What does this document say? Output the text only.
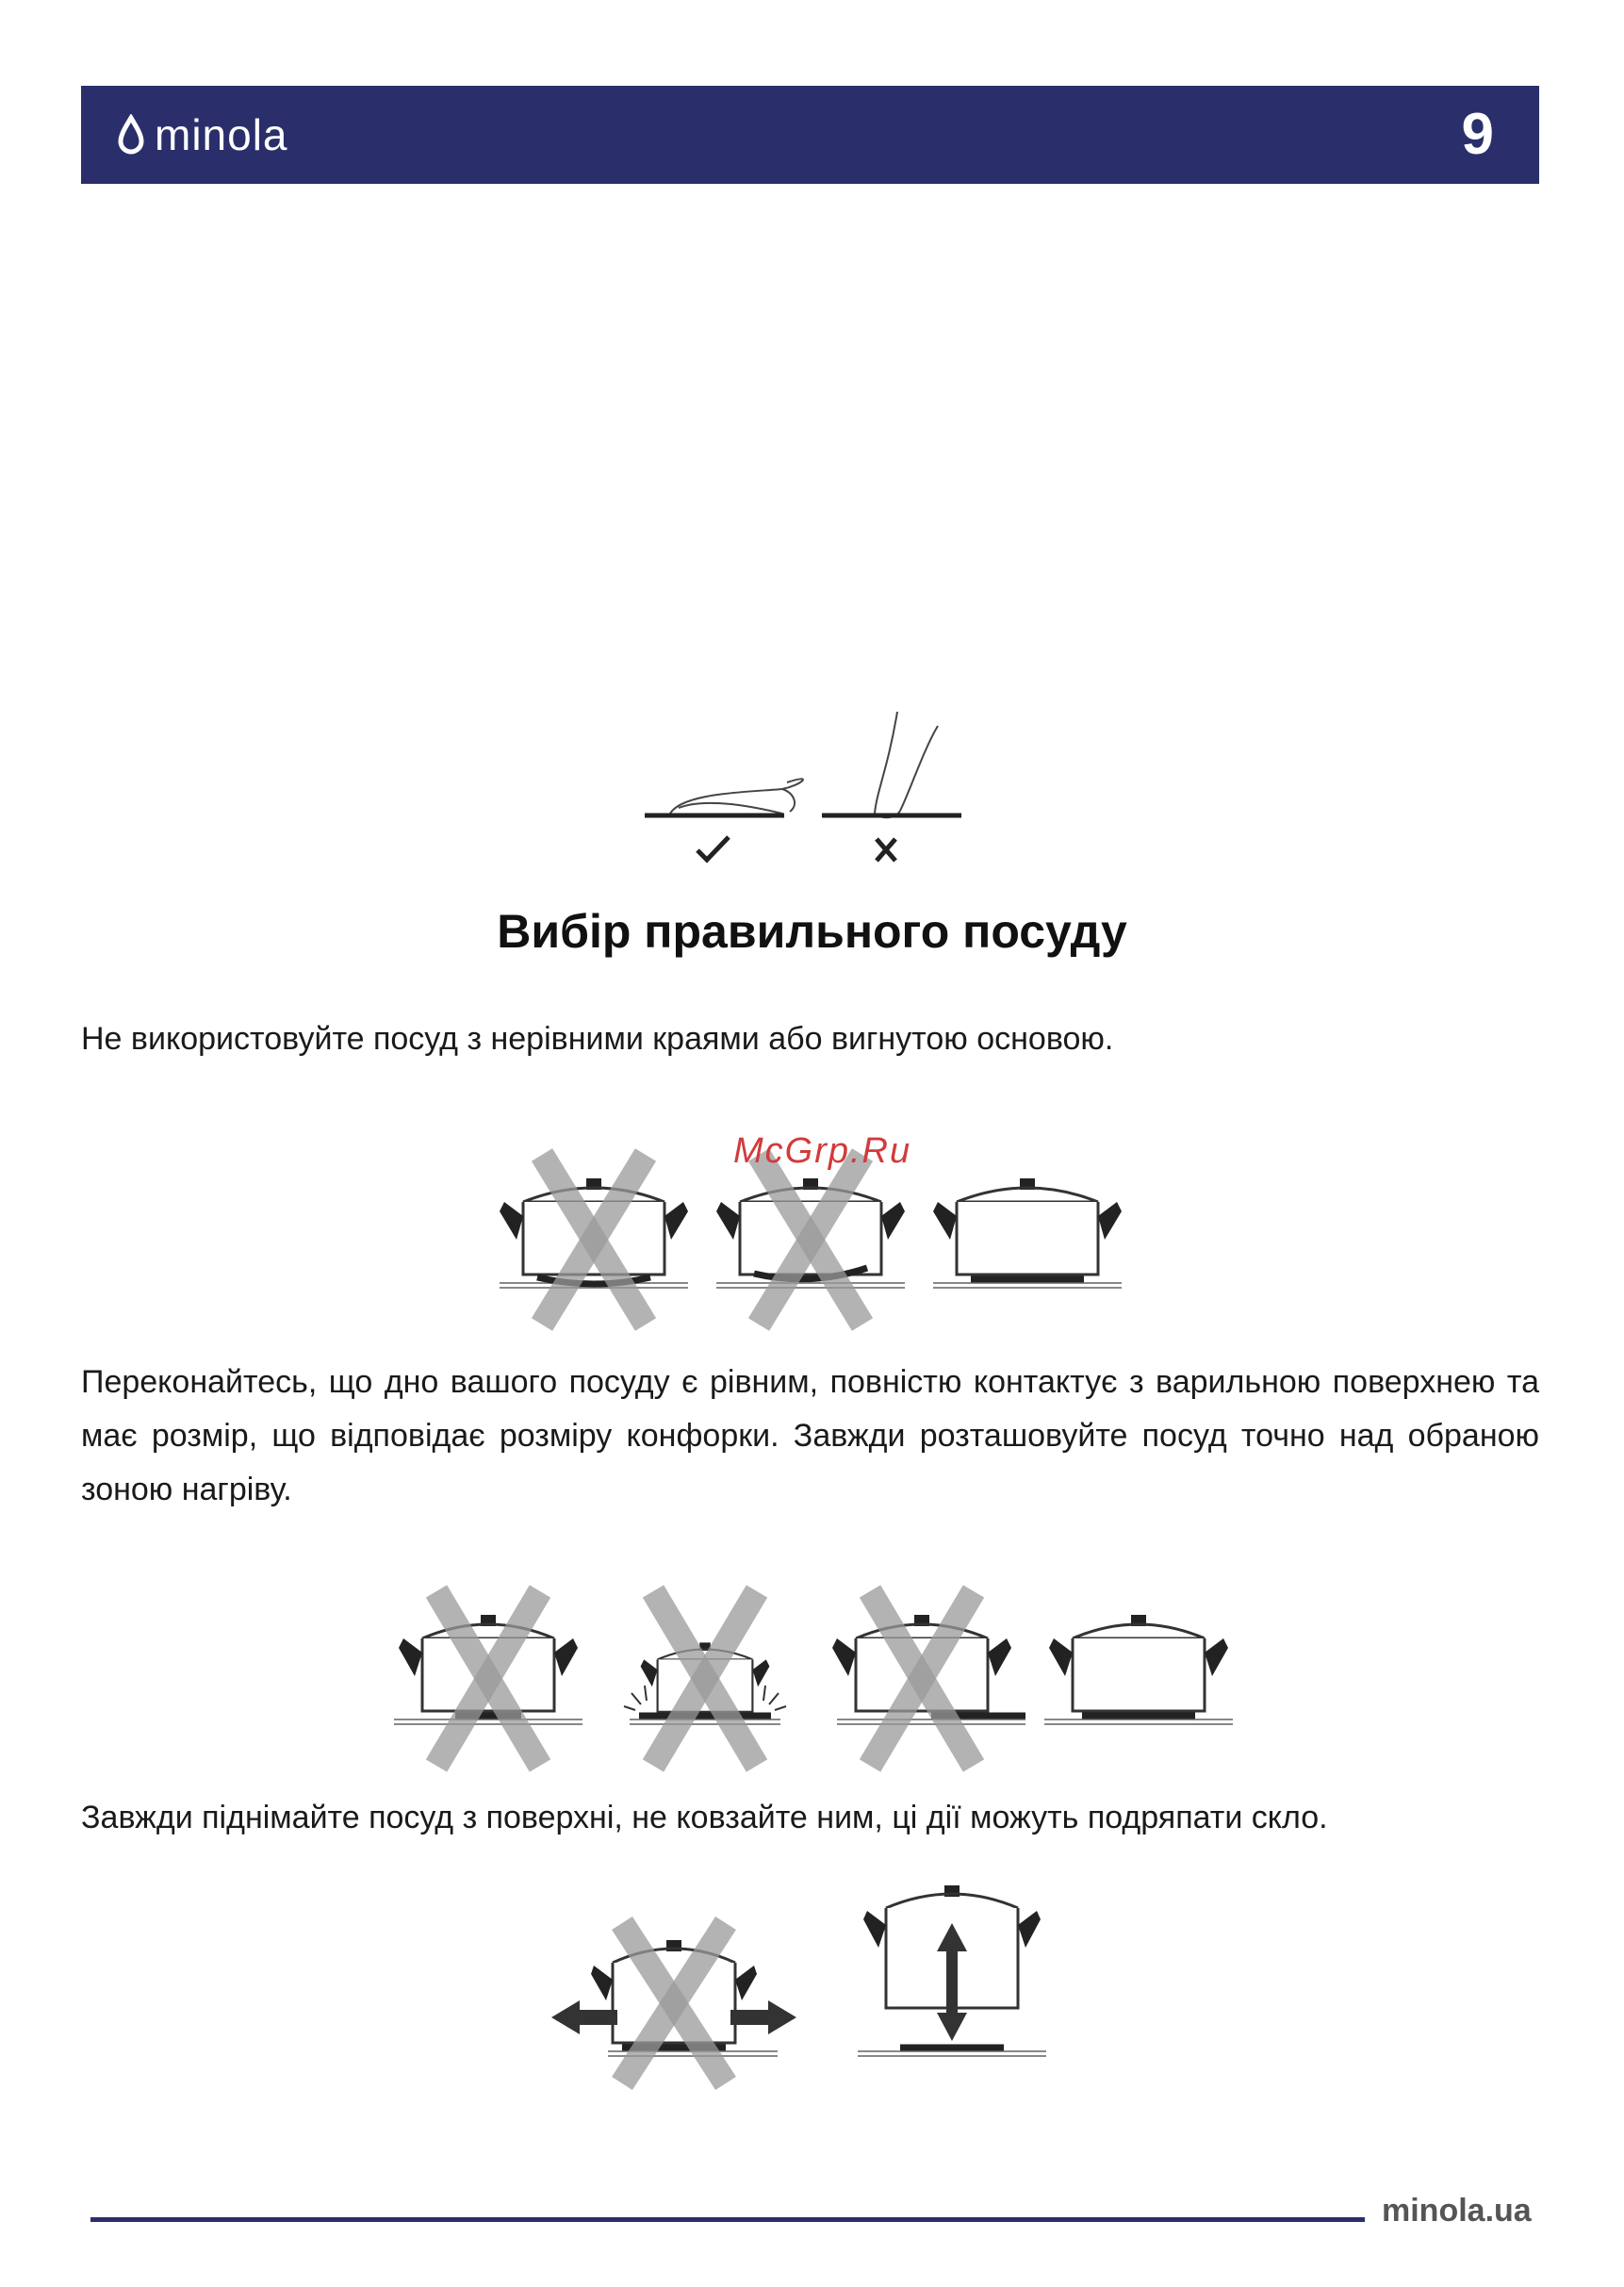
minola	9
Вибір правильного посуду

Не використовуйте посуд з нерівними краями або вигнутою основою.

McGrp.Ru

Переконайтесь, що дно вашого посуду є рівним, повністю контактує з варильною поверхнею та має розмір, що відповідає розміру конфорки. Завжди розташовуйте посуд точно над обраною зоною нагріву.

Завжди піднімайте посуд з поверхні, не ковзайте ним, ці дії можуть подряпати скло.

minola.ua
